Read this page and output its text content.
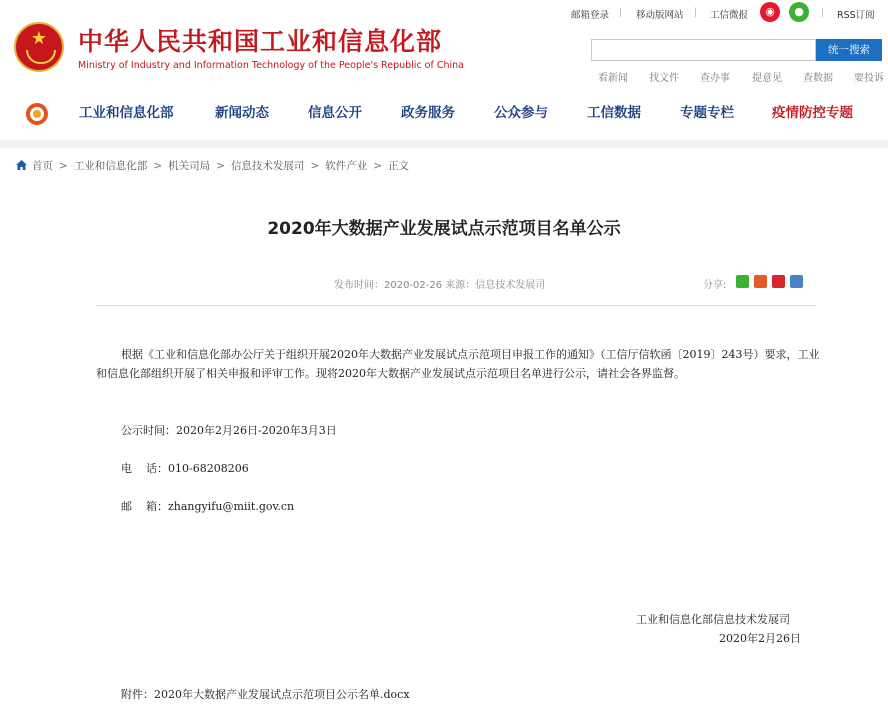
★	中华人民共和国工业和信息化部
Ministry of Industry and Information Technology of the People's Republic of China
邮箱登录 | 移动版网站 | 工信微报	| RSS订阅
◉	●
统一搜索
看新闻 找文件 查办事 提意见 查数据 要投诉
工业和信息化部	新闻动态	信息公开	政务服务	公众参与	工信数据	专题专栏	疫情防控专题
首页 > 工业和信息化部 > 机关司局 > 信息技术发展司 > 软件产业 > 正文
2020年大数据产业发展试点示范项目名单公示
发布时间：2020-02-26 来源：信息技术发展司	分享:
根据《工业和信息化部办公厅关于组织开展2020年大数据产业发展试点示范项目申报工作的通知》（工信厅信软函〔2019〕243号）要求，工业和信息化部组织开展了相关申报和评审工作。现将2020年大数据产业发展试点示范项目名单进行公示，请社会各界监督。
公示时间：2020年2月26日-2020年3月3日
电    话：010-68208206
邮    箱：zhangyifu@miit.gov.cn
工业和信息化部信息技术发展司
2020年2月26日
附件：2020年大数据产业发展试点示范项目公示名单.docx
